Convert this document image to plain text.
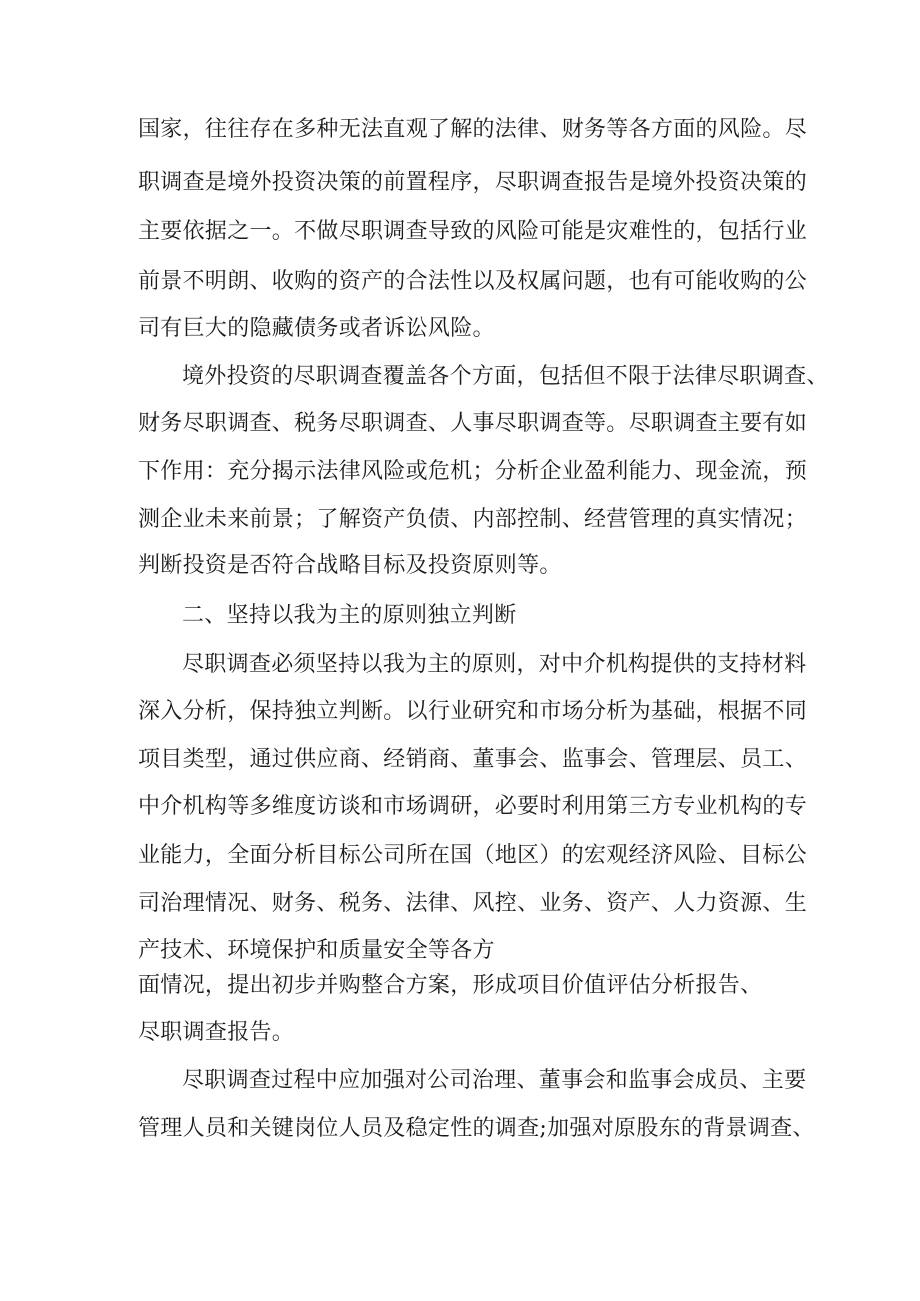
国家，往往存在多种无法直观了解的法律、财务等各方面的风险。尽
职调查是境外投资决策的前置程序，尽职调查报告是境外投资决策的
主要依据之一。不做尽职调查导致的风险可能是灾难性的，包括行业
前景不明朗、收购的资产的合法性以及权属问题，也有可能收购的公
司有巨大的隐藏债务或者诉讼风险。
境外投资的尽职调查覆盖各个方面，包括但不限于法律尽职调查、
财务尽职调查、税务尽职调查、人事尽职调查等。尽职调查主要有如
下作用：充分揭示法律风险或危机；分析企业盈利能力、现金流，预
测企业未来前景；了解资产负债、内部控制、经营管理的真实情况；
判断投资是否符合战略目标及投资原则等。
二、坚持以我为主的原则独立判断
尽职调查必须坚持以我为主的原则，对中介机构提供的支持材料
深入分析，保持独立判断。以行业研究和市场分析为基础，根据不同
项目类型，通过供应商、经销商、董事会、监事会、管理层、员工、
中介机构等多维度访谈和市场调研，必要时利用第三方专业机构的专
业能力，全面分析目标公司所在国（地区）的宏观经济风险、目标公
司治理情况、财务、税务、法律、风控、业务、资产、人力资源、生
产技术、环境保护和质量安全等各方
面情况，提出初步并购整合方案，形成项目价值评估分析报告、
尽职调查报告。
尽职调查过程中应加强对公司治理、董事会和监事会成员、主要
管理人员和关键岗位人员及稳定性的调查;加强对原股东的背景调查、
